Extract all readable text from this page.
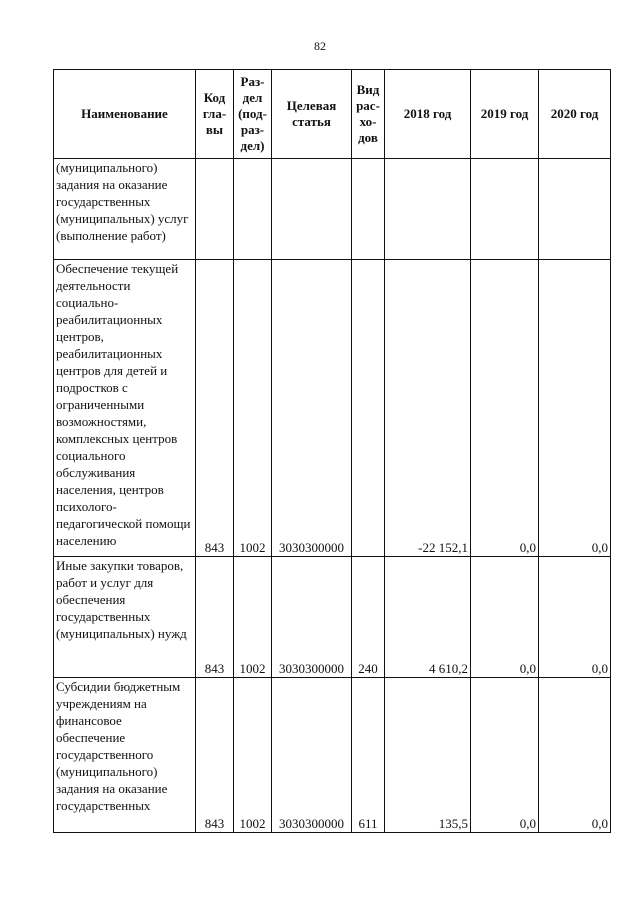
82
Наименование	Код гла-вы	Раз-дел (под-раз-дел)	Целевая статья	Вид рас-хо-дов	2018 год	2019 год	2020 год
(муниципального) задания на оказание государственных (муниципальных) услуг (выполнение работ)							
Обеспечение текущей деятельности социально-реабилитационных центров, реабилитационных центров для детей и подростков с ограниченными возможностями, комплексных центров социального обслуживания населения, центров психолого-педагогической помощи населению	843	1002	3030300000		-22 152,1	0,0	0,0
Иные закупки товаров, работ и услуг для обеспечения государственных (муниципальных) нужд	843	1002	3030300000	240	4 610,2	0,0	0,0
Субсидии бюджетным учреждениям на финансовое обеспечение государственного (муниципального) задания на оказание государственных	843	1002	3030300000	611	135,5	0,0	0,0
